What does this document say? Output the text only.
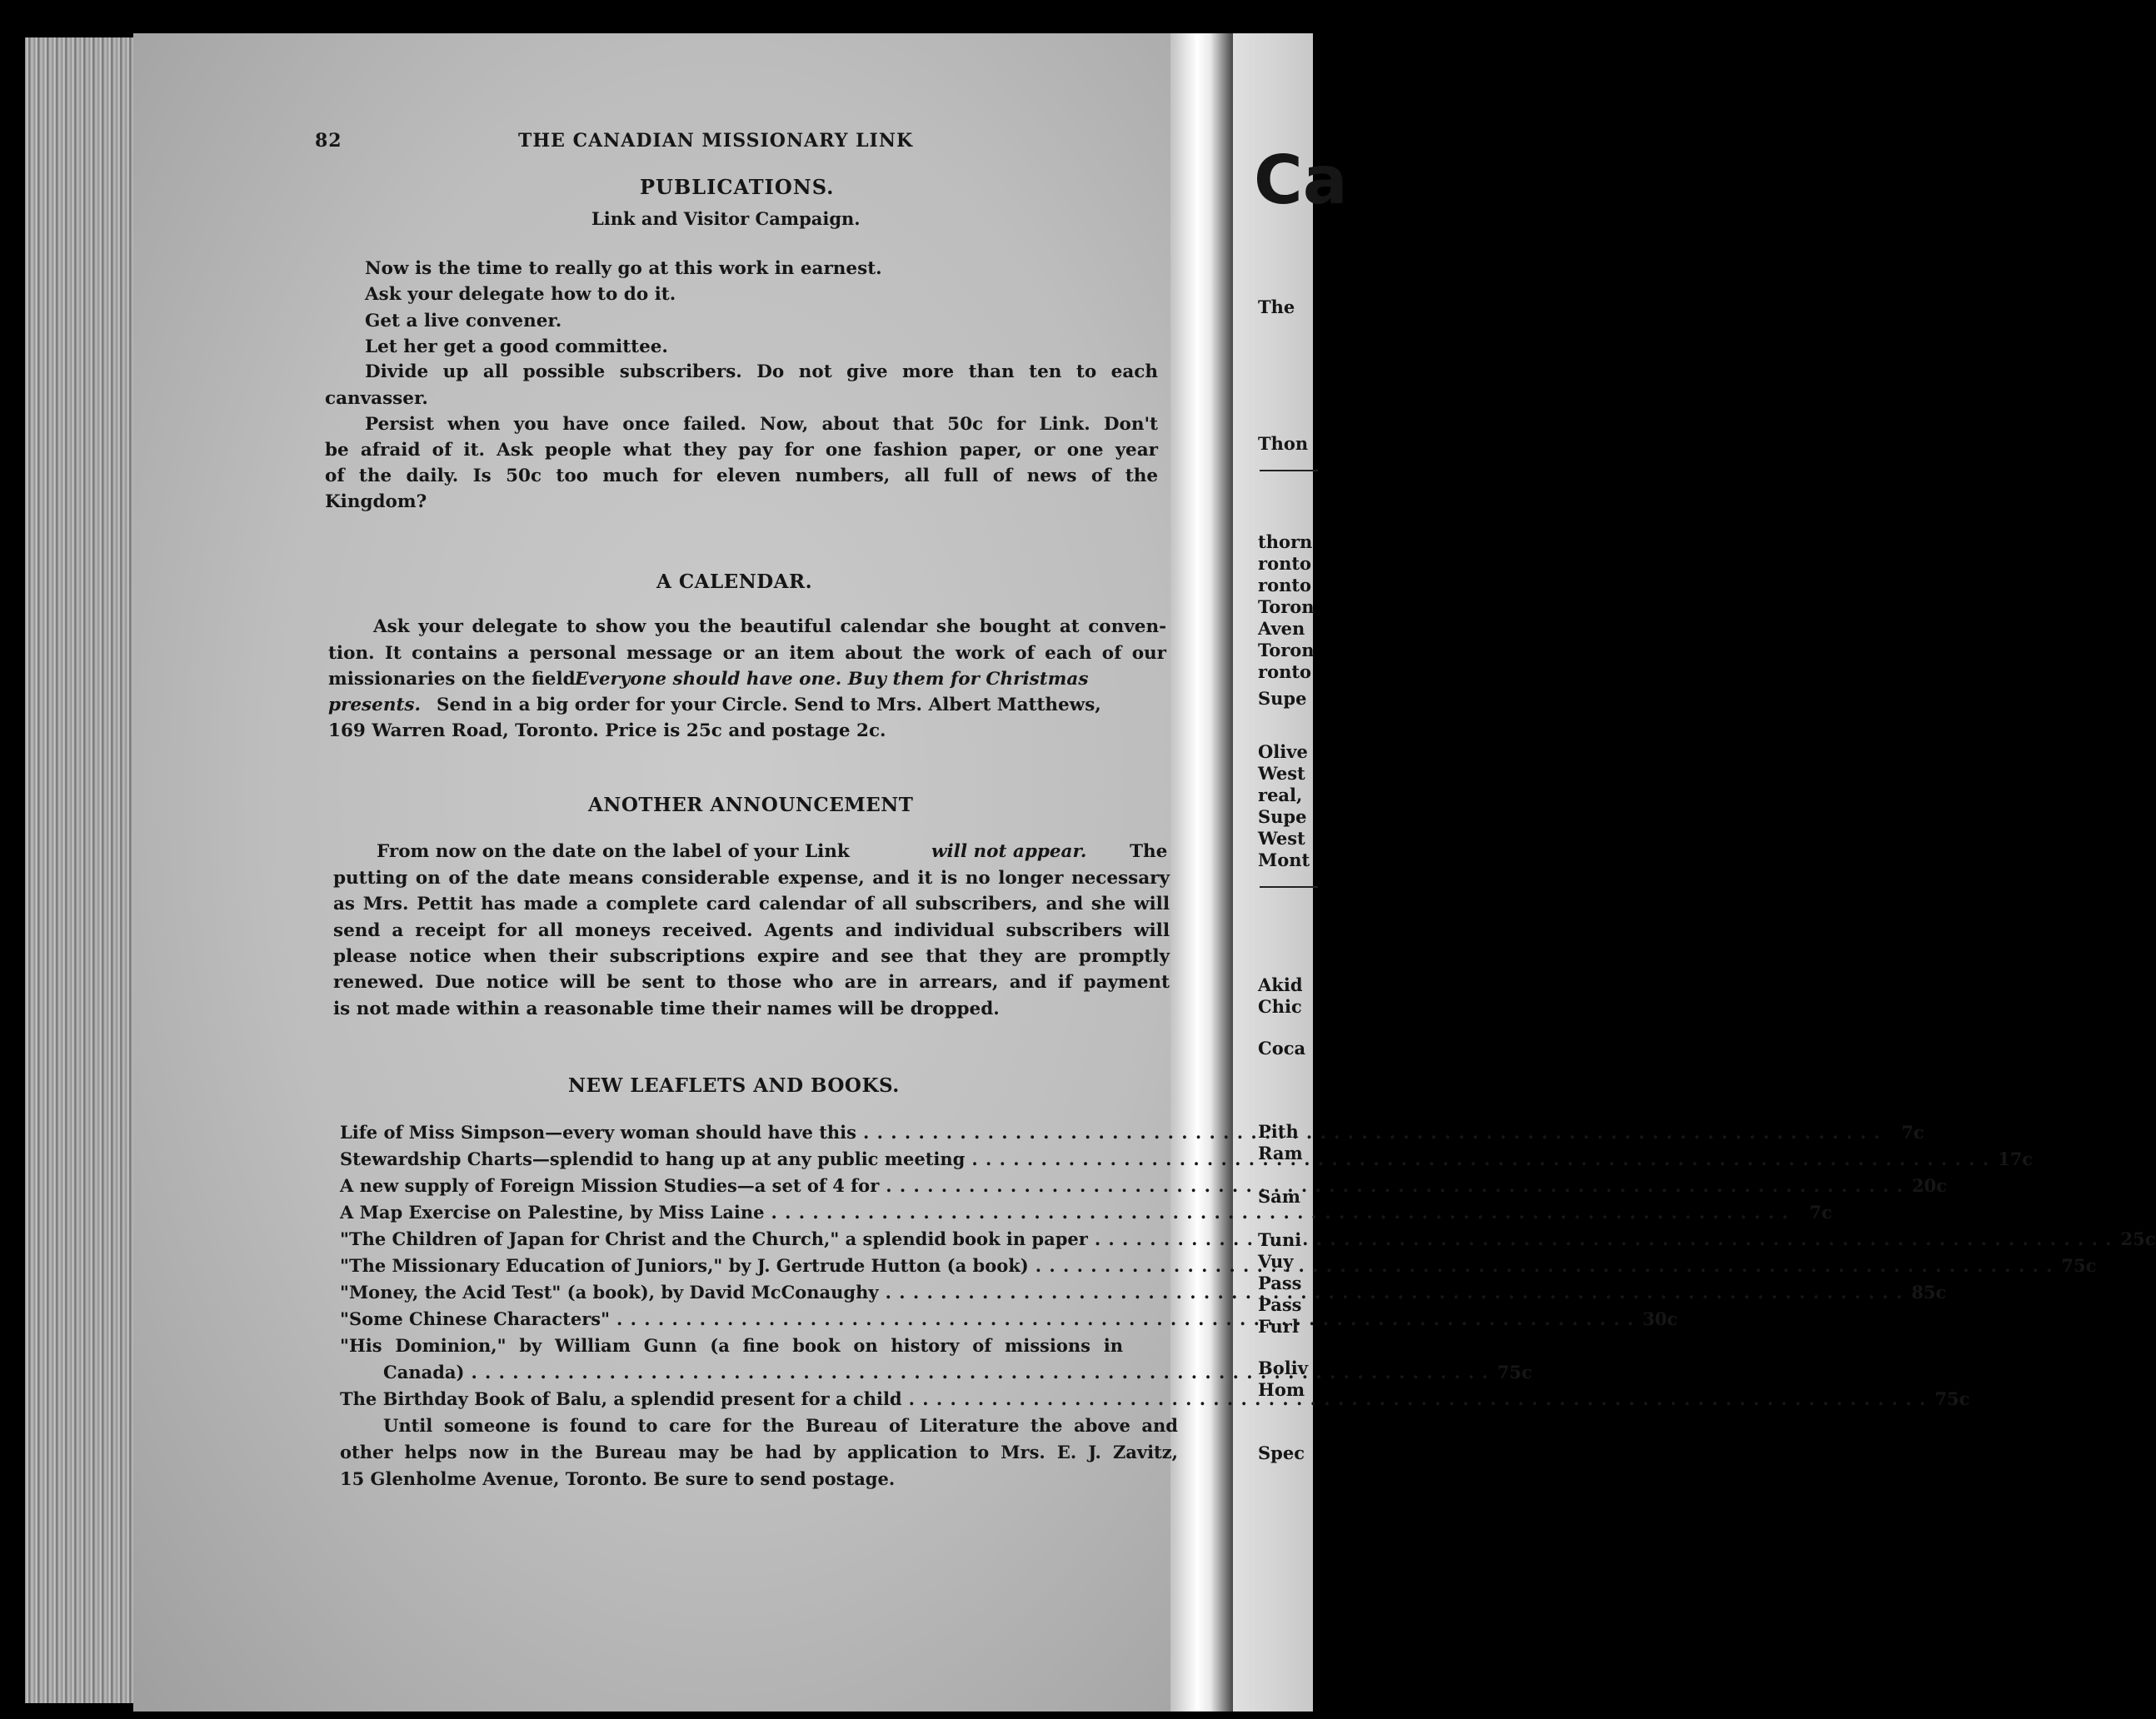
82	THE CANADIAN MISSIONARY LINK
PUBLICATIONS.
Link and Visitor Campaign.
Now is the time to really go at this work in earnest.
Ask your delegate how to do it.
Get a live convener.
Let her get a good committee.
Divide up all possible subscribers. Do not give more than ten to each
canvasser.
Persist when you have once failed. Now, about that 50c for Link. Don't
be afraid of it. Ask people what they pay for one fashion paper, or one year
of the daily. Is 50c too much for eleven numbers, all full of news of the
Kingdom?
A CALENDAR.
Ask your delegate to show you the beautiful calendar she bought at conven-
tion. It contains a personal message or an item about the work of each of our
missionaries on the field.
Everyone should have one. Buy them for Christmas
presents. Send in a big order for your Circle. Send to Mrs. Albert Matthews,
169 Warren Road, Toronto. Price is 25c and postage 2c.
ANOTHER ANNOUNCEMENT
From now on the date on the label of your Link	will not appear. The
putting on of the date means considerable expense, and it is no longer necessary
as Mrs. Pettit has made a complete card calendar of all subscribers, and she will
send a receipt for all moneys received. Agents and individual subscribers will
please notice when their subscriptions expire and see that they are promptly
renewed. Due notice will be sent to those who are in arrears, and if payment
is not made within a reasonable time their names will be dropped.
NEW LEAFLETS AND BOOKS.
Life of Miss Simpson—every woman should have this . . .	7c
Stewardship Charts—splendid to hang up at any public meeting . . .	17c
A new supply of Foreign Mission Studies—a set of 4 for . . .	20c
A Map Exercise on Palestine, by Miss Laine . . .	7c
"The Children of Japan for Christ and the Church," a splendid book in paper . . .	25c
"The Missionary Education of Juniors," by J. Gertrude Hutton (a book) . . .	75c
"Money, the Acid Test" (a book), by David McConaughy . . .	85c
"Some Chinese Characters" . . .	30c
"His Dominion," by William Gunn (a fine book on history of missions in
Canada) . . .	75c
The Birthday Book of Balu, a splendid present for a child . . .	75c
Until someone is found to care for the Bureau of Literature the above and
other helps now in the Bureau may be had by application to Mrs. E. J. Zavitz,
15 Glenholme Avenue, Toronto. Be sure to send postage.
Ca
The
Thon
thorn
ronto
ronto
Toron
Aven
Toron
ronto
Supe
Olive
West
real,
Supe
West
Mont
Akid
Chic
Coca
Pith
Ram
Sam
Tuni
Vuy
Pass
Pass
Furl
Boliv
Hom
Spec
